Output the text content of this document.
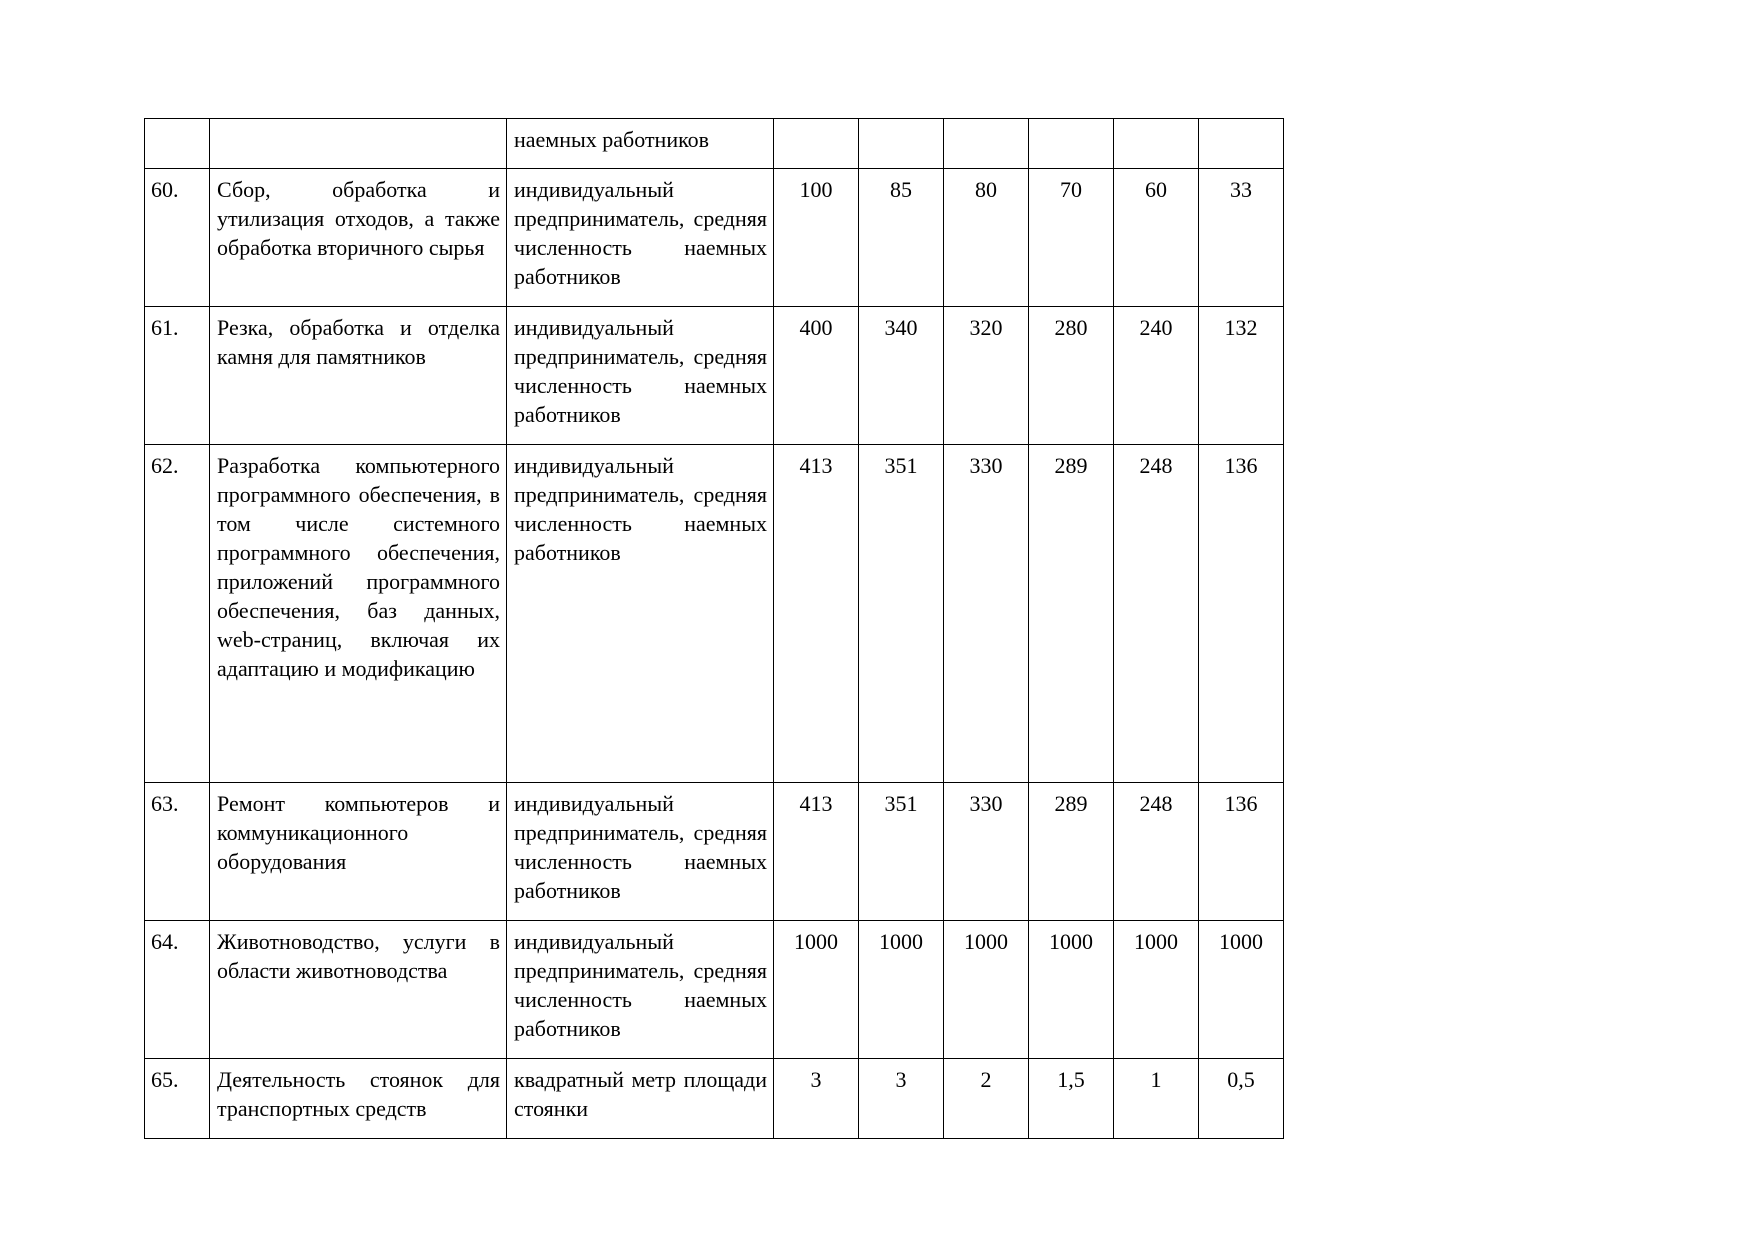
		наемных работников						
60.	Сбор, обработка и утилизация отходов, а также обработка вторичного сырья	индивидуальный предприниматель, средняя численность наемных работников	100	85	80	70	60	33
61.	Резка, обработка и отделка камня для памятников	индивидуальный предприниматель, средняя численность наемных работников	400	340	320	280	240	132
62.	Разработка компьютерного программного обеспечения, в том числе системного программного обеспечения, приложений программного обеспечения, баз данных, web-страниц, включая их адаптацию и модификацию	индивидуальный предприниматель, средняя численность наемных работников	413	351	330	289	248	136
63.	Ремонт компьютеров и коммуникационного оборудования	индивидуальный предприниматель, средняя численность наемных работников	413	351	330	289	248	136
64.	Животноводство, услуги в области животноводства	индивидуальный предприниматель, средняя численность наемных работников	1000	1000	1000	1000	1000	1000
65.	Деятельность стоянок для транспортных средств	квадратный метр площади стоянки	3	3	2	1,5	1	0,5
